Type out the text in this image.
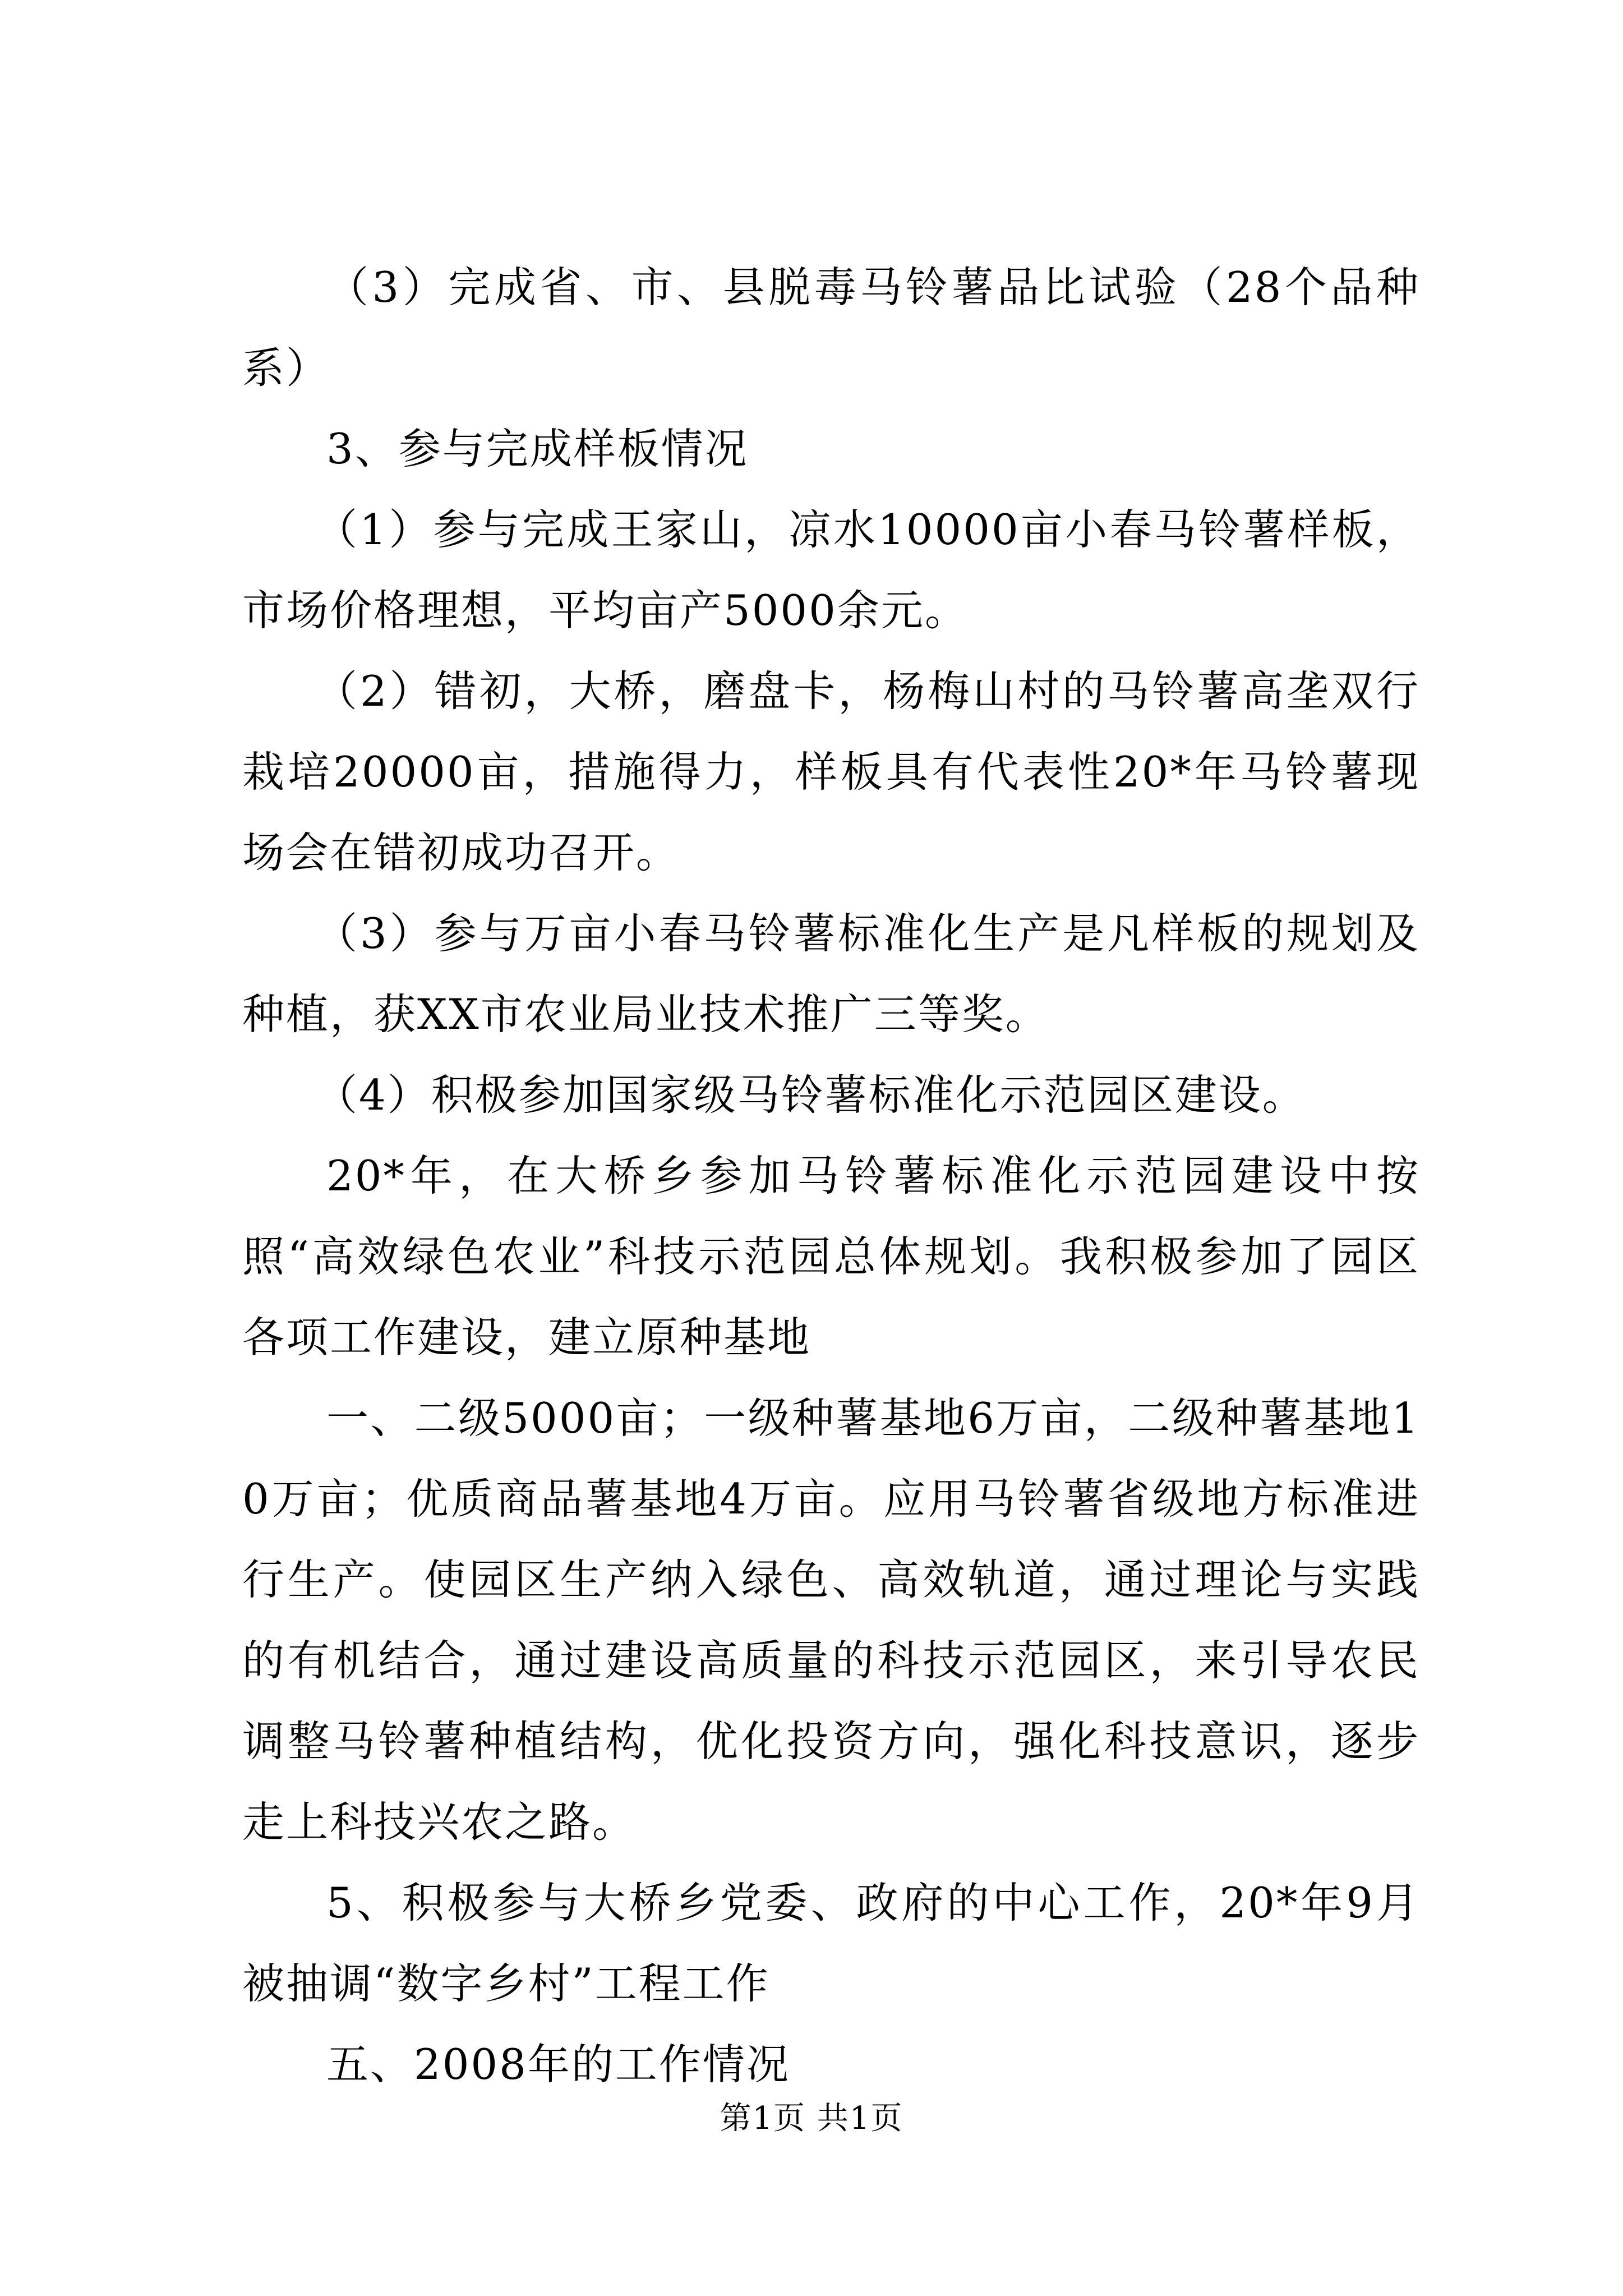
（3）完成省、市、县脱毒马铃薯品比试验（28个品种系）

3、参与完成样板情况

（1）参与完成王家山，凉水10000亩小春马铃薯样板，市场价格理想，平均亩产5000余元。

（2）错初，大桥，磨盘卡，杨梅山村的马铃薯高垄双行栽培20000亩，措施得力，样板具有代表性20*年马铃薯现场会在错初成功召开。

（3）参与万亩小春马铃薯标准化生产是凡样板的规划及种植，获XX市农业局业技术推广三等奖。

（4）积极参加国家级马铃薯标准化示范园区建设。

20*年，在大桥乡参加马铃薯标准化示范园建设中按照“高效绿色农业”科技示范园总体规划。我积极参加了园区各项工作建设，建立原种基地

一、二级5000亩；一级种薯基地6万亩，二级种薯基地10万亩；优质商品薯基地4万亩。应用马铃薯省级地方标准进行生产。使园区生产纳入绿色、高效轨道，通过理论与实践的有机结合，通过建设高质量的科技示范园区，来引导农民调整马铃薯种植结构，优化投资方向，强化科技意识，逐步走上科技兴农之路。

5、积极参与大桥乡党委、政府的中心工作，20*年9月被抽调“数字乡村”工程工作

五、2008年的工作情况

第1页 共1页
